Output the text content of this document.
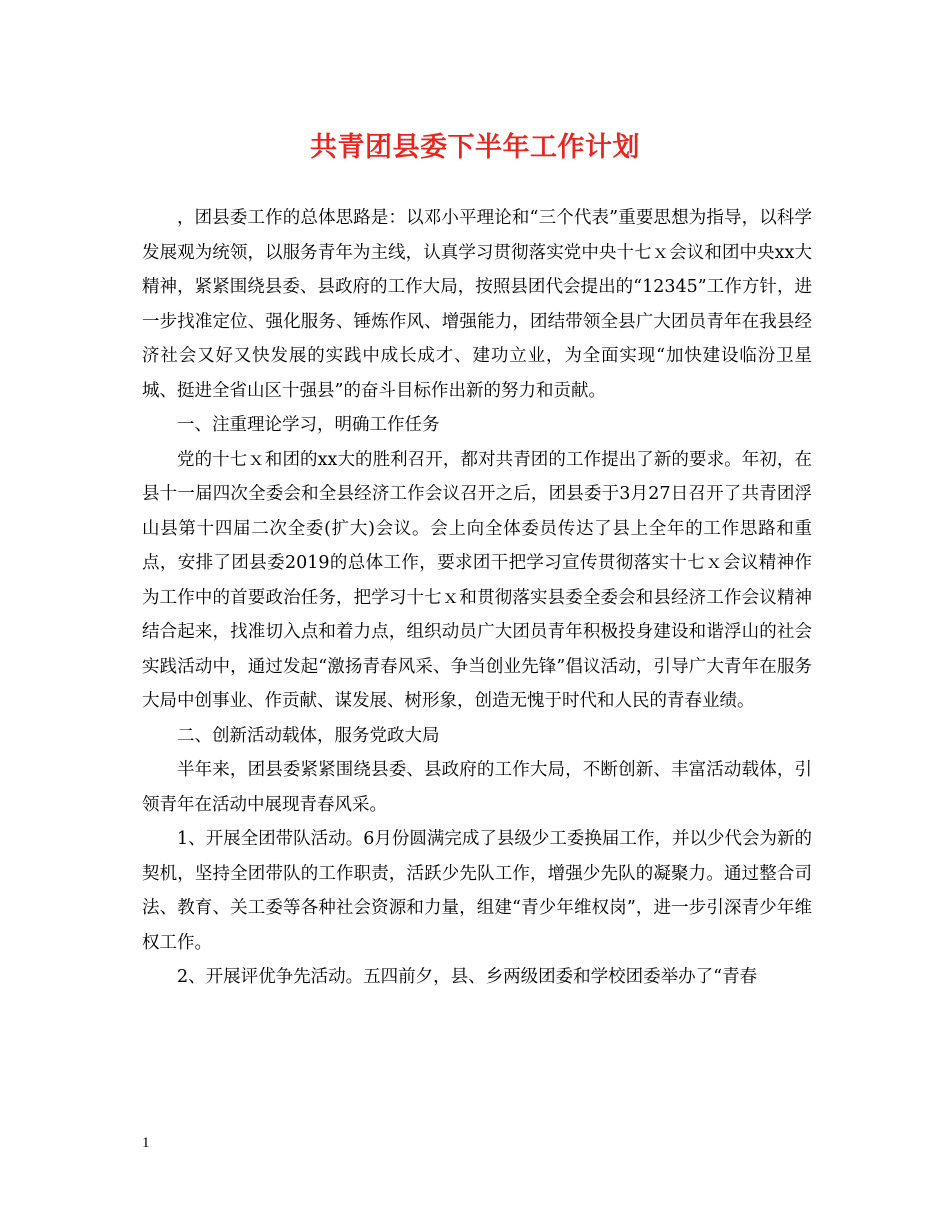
共青团县委下半年工作计划

，团县委工作的总体思路是：以邓小平理论和“三个代表”重要思想为指导，以科学发展观为统领，以服务青年为主线，认真学习贯彻落实党中央十七ｘ会议和团中央xx大精神，紧紧围绕县委、县政府的工作大局，按照县团代会提出的“12345”工作方针，进一步找准定位、强化服务、锤炼作风、增强能力，团结带领全县广大团员青年在我县经济社会又好又快发展的实践中成长成才、建功立业，为全面实现“加快建设临汾卫星城、挺进全省山区十强县”的奋斗目标作出新的努力和贡献。

一、注重理论学习，明确工作任务

党的十七ｘ和团的xx大的胜利召开，都对共青团的工作提出了新的要求。年初，在县十一届四次全委会和全县经济工作会议召开之后，团县委于3月27日召开了共青团浮山县第十四届二次全委(扩大)会议。会上向全体委员传达了县上全年的工作思路和重点，安排了团县委2019的总体工作，要求团干把学习宣传贯彻落实十七ｘ会议精神作为工作中的首要政治任务，把学习十七ｘ和贯彻落实县委全委会和县经济工作会议精神结合起来，找准切入点和着力点，组织动员广大团员青年积极投身建设和谐浮山的社会实践活动中，通过发起“激扬青春风采、争当创业先锋”倡议活动，引导广大青年在服务大局中创事业、作贡献、谋发展、树形象，创造无愧于时代和人民的青春业绩。

二、创新活动载体，服务党政大局

半年来，团县委紧紧围绕县委、县政府的工作大局，不断创新、丰富活动载体，引领青年在活动中展现青春风采。

1、开展全团带队活动。6月份圆满完成了县级少工委换届工作，并以少代会为新的契机，坚持全团带队的工作职责，活跃少先队工作，增强少先队的凝聚力。通过整合司法、教育、关工委等各种社会资源和力量，组建“青少年维权岗”，进一步引深青少年维权工作。

2、开展评优争先活动。五四前夕，县、乡两级团委和学校团委举办了“青春

1
